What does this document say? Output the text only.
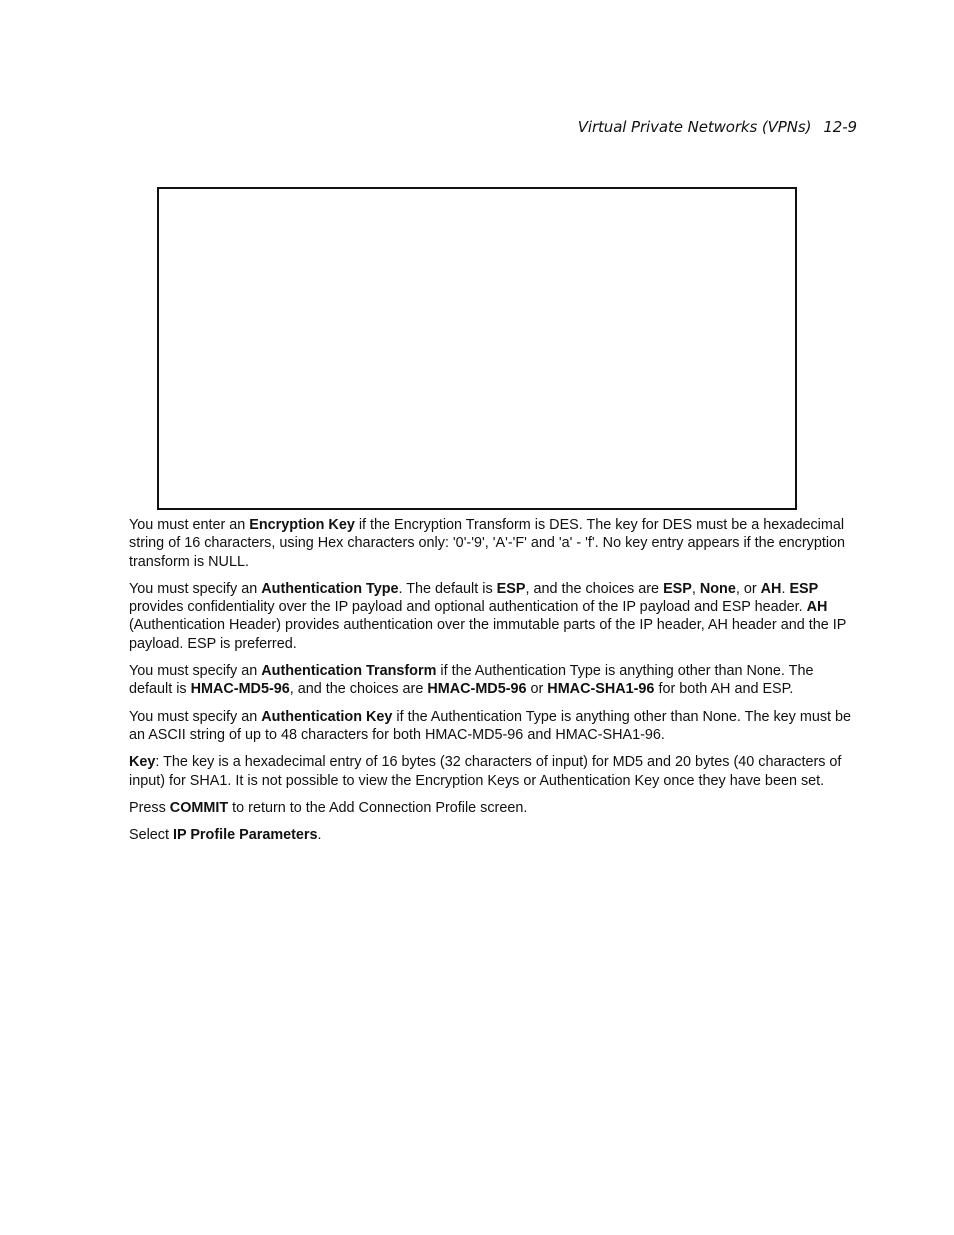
Virtual Private Networks (VPNs) 12-9

You must enter an Encryption Key if the Encryption Transform is DES. The key for DES must be a hexadecimal string of 16 characters, using Hex characters only: '0'-'9', 'A'-'F' and 'a' - 'f'. No key entry appears if the encryption transform is NULL.

You must specify an Authentication Type. The default is ESP, and the choices are ESP, None, or AH. ESP provides confidentiality over the IP payload and optional authentication of the IP payload and ESP header. AH (Authentication Header) provides authentication over the immutable parts of the IP header, AH header and the IP payload. ESP is preferred.

You must specify an Authentication Transform if the Authentication Type is anything other than None. The default is HMAC-MD5-96, and the choices are HMAC-MD5-96 or HMAC-SHA1-96 for both AH and ESP.

You must specify an Authentication Key if the Authentication Type is anything other than None. The key must be an ASCII string of up to 48 characters for both HMAC-MD5-96 and HMAC-SHA1-96.

Key: The key is a hexadecimal entry of 16 bytes (32 characters of input) for MD5 and 20 bytes (40 characters of input) for SHA1. It is not possible to view the Encryption Keys or Authentication Key once they have been set.

Press COMMIT to return to the Add Connection Profile screen.

Select IP Profile Parameters.
